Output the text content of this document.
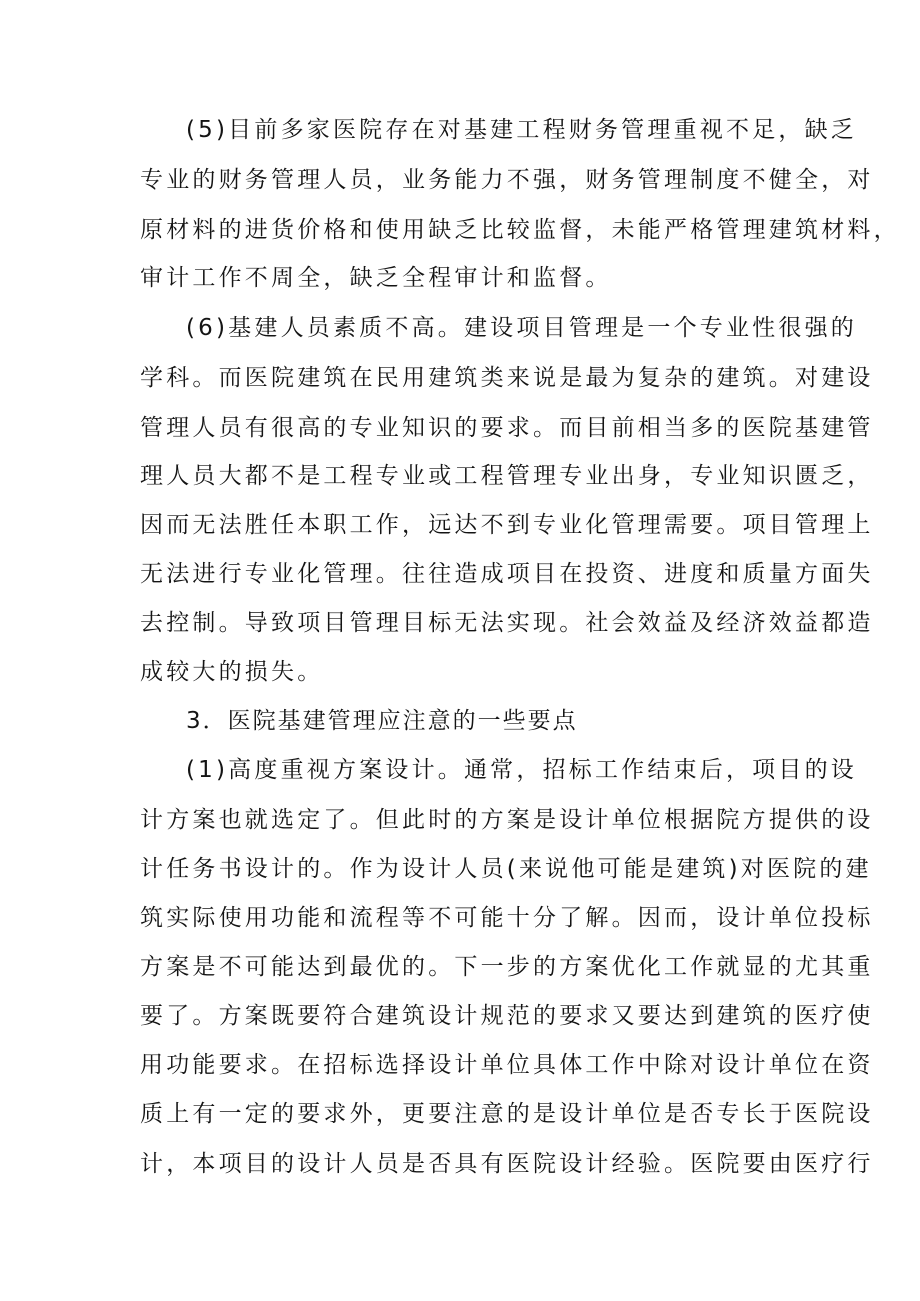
(5)目前多家医院存在对基建工程财务管理重视不足，缺乏
专业的财务管理人员，业务能力不强，财务管理制度不健全，对
原材料的进货价格和使用缺乏比较监督，未能严格管理建筑材料，
审计工作不周全，缺乏全程审计和监督。
(6)基建人员素质不高。建设项目管理是一个专业性很强的
学科。而医院建筑在民用建筑类来说是最为复杂的建筑。对建设
管理人员有很高的专业知识的要求。而目前相当多的医院基建管
理人员大都不是工程专业或工程管理专业出身，专业知识匮乏，
因而无法胜任本职工作，远达不到专业化管理需要。项目管理上
无法进行专业化管理。往往造成项目在投资、进度和质量方面失
去控制。导致项目管理目标无法实现。社会效益及经济效益都造
成较大的损失。
3．医院基建管理应注意的一些要点
(1)高度重视方案设计。通常，招标工作结束后，项目的设
计方案也就选定了。但此时的方案是设计单位根据院方提供的设
计任务书设计的。作为设计人员(来说他可能是建筑)对医院的建
筑实际使用功能和流程等不可能十分了解。因而，设计单位投标
方案是不可能达到最优的。下一步的方案优化工作就显的尤其重
要了。方案既要符合建筑设计规范的要求又要达到建筑的医疗使
用功能要求。在招标选择设计单位具体工作中除对设计单位在资
质上有一定的要求外，更要注意的是设计单位是否专长于医院设
计，本项目的设计人员是否具有医院设计经验。医院要由医疗行
